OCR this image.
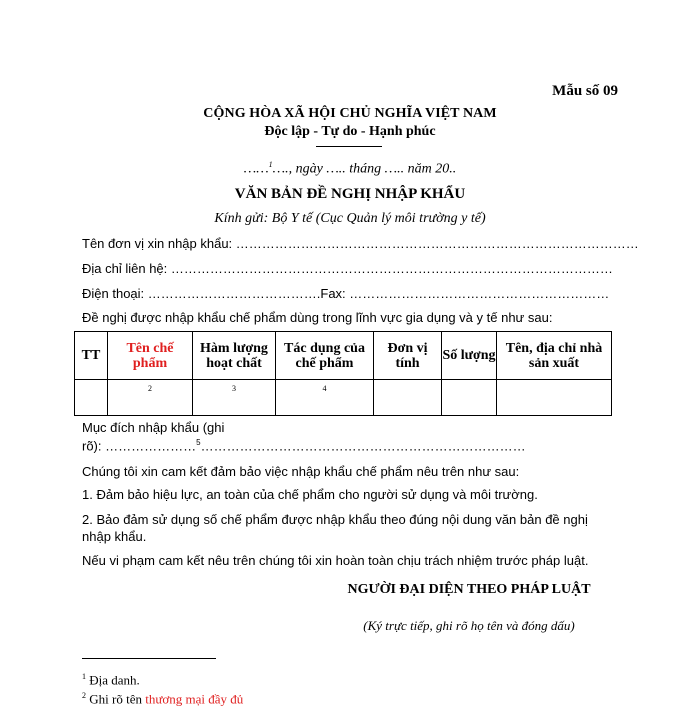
Mẫu số 09
CỘNG HÒA XÃ HỘI CHỦ NGHĨA VIỆT NAM
Độc lập - Tự do - Hạnh phúc
……$^1$…., ngày ….. tháng ….. năm 20..
VĂN BẢN ĐỀ NGHỊ NHẬP KHẨU
Kính gửi: Bộ Y tế (Cục Quản lý môi trường y tế)
Tên đơn vị xin nhập khẩu: …………………………………………………………………………………
Địa chỉ liên hệ: …………………………………………………………………………………………
Điện thoại: ………………………………….Fax: ……………………………………………………
Đề nghị được nhập khẩu chế phẩm dùng trong lĩnh vực gia dụng và y tế như sau:
TT	Tên chế phẩm	Hàm lượng hoạt chất	Tác dụng của chế phẩm	Đơn vị tính	Số lượng	Tên, địa chỉ nhà sản xuất
	2	3	4			
Mục đích nhập khẩu (ghi
rõ): …………………$^5$…………………………………………………………………
Chúng tôi xin cam kết đảm bảo việc nhập khẩu chế phẩm nêu trên như sau:
1. Đảm bảo hiệu lực, an toàn của chế phẩm cho người sử dụng và môi trường.
2. Bảo đảm sử dụng số chế phẩm được nhập khẩu theo đúng nội dung văn bản đề nghị
nhập khẩu.
Nếu vi phạm cam kết nêu trên chúng tôi xin hoàn toàn chịu trách nhiệm trước pháp luật.
NGƯỜI ĐẠI DIỆN THEO PHÁP LUẬT
(Ký trực tiếp, ghi rõ họ tên và đóng dấu)
$^1$ Địa danh.
$^2$ Ghi rõ tên thương mại đầy đủ
